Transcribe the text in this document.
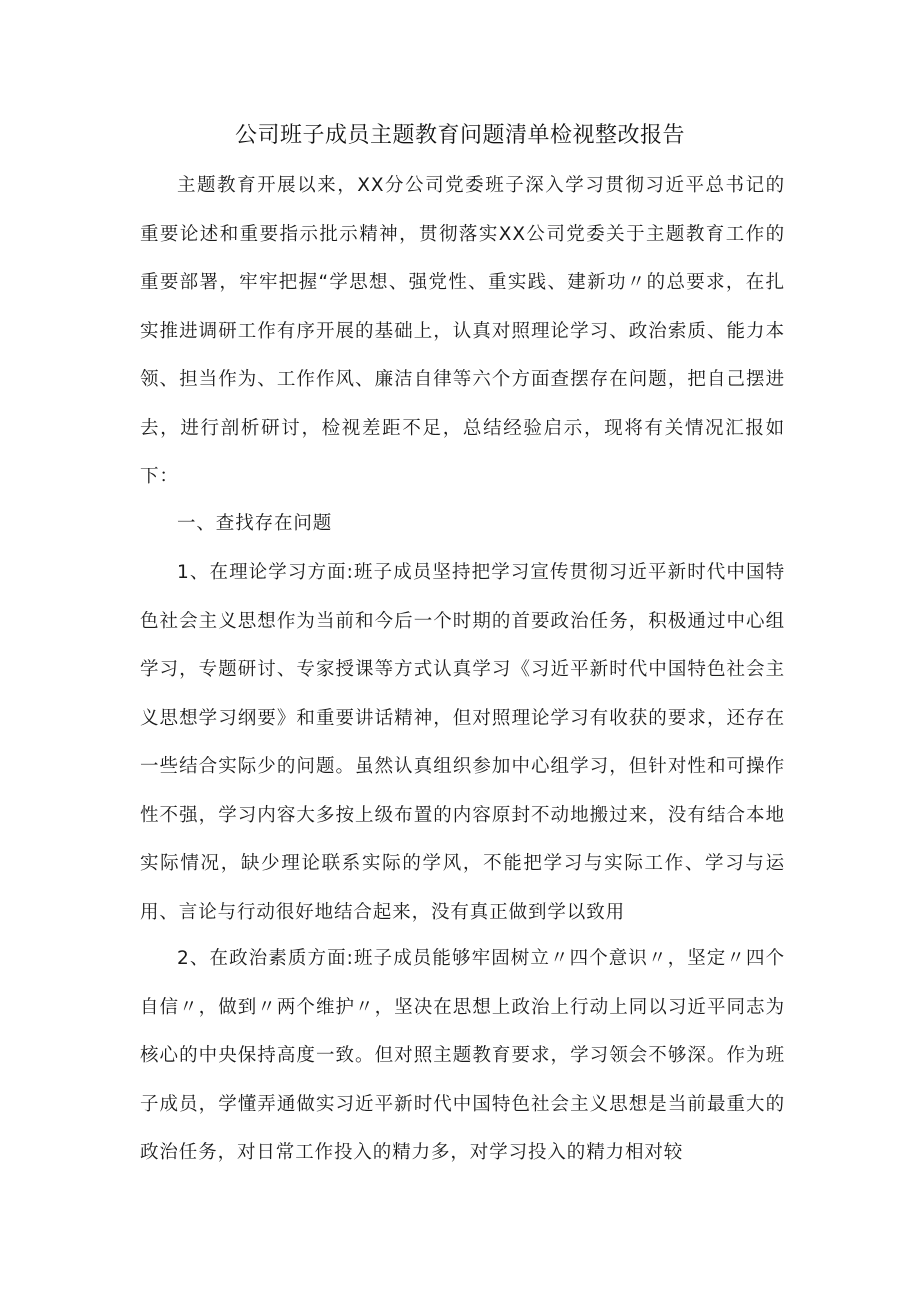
公司班子成员主题教育问题清单检视整改报告

主题教育开展以来，XX分公司党委班子深入学习贯彻习近平总书记的重要论述和重要指示批示精神，贯彻落实XX公司党委关于主题教育工作的重要部署，牢牢把握“学思想、强党性、重实践、建新功〃的总要求，在扎实推进调研工作有序开展的基础上，认真对照理论学习、政治索质、能力本领、担当作为、工作作风、廉洁自律等六个方面查摆存在问题，把自己摆进去，进行剖析研讨，检视差距不足，总结经验启示，现将有关情况汇报如下：

一、查找存在问题

1、在理论学习方面:班子成员坚持把学习宣传贯彻习近平新时代中国特色社会主义思想作为当前和今后一个时期的首要政治任务，积极通过中心组学习，专题研讨、专家授课等方式认真学习《习近平新时代中国特色社会主义思想学习纲要》和重要讲话精神，但对照理论学习有收获的要求，还存在一些结合实际少的问题。虽然认真组织参加中心组学习，但针对性和可操作性不强，学习内容大多按上级布置的内容原封不动地搬过来，没有结合本地实际情况，缺少理论联系实际的学风，不能把学习与实际工作、学习与运用、言论与行动很好地结合起来，没有真正做到学以致用

2、在政治素质方面:班子成员能够牢固树立〃四个意识〃，坚定〃四个自信〃，做到〃两个维护〃，坚决在思想上政治上行动上同以习近平同志为核心的中央保持高度一致。但对照主题教育要求，学习领会不够深。作为班子成员，学懂弄通做实习近平新时代中国特色社会主义思想是当前最重大的政治任务，对日常工作投入的精力多，对学习投入的精力相对较
